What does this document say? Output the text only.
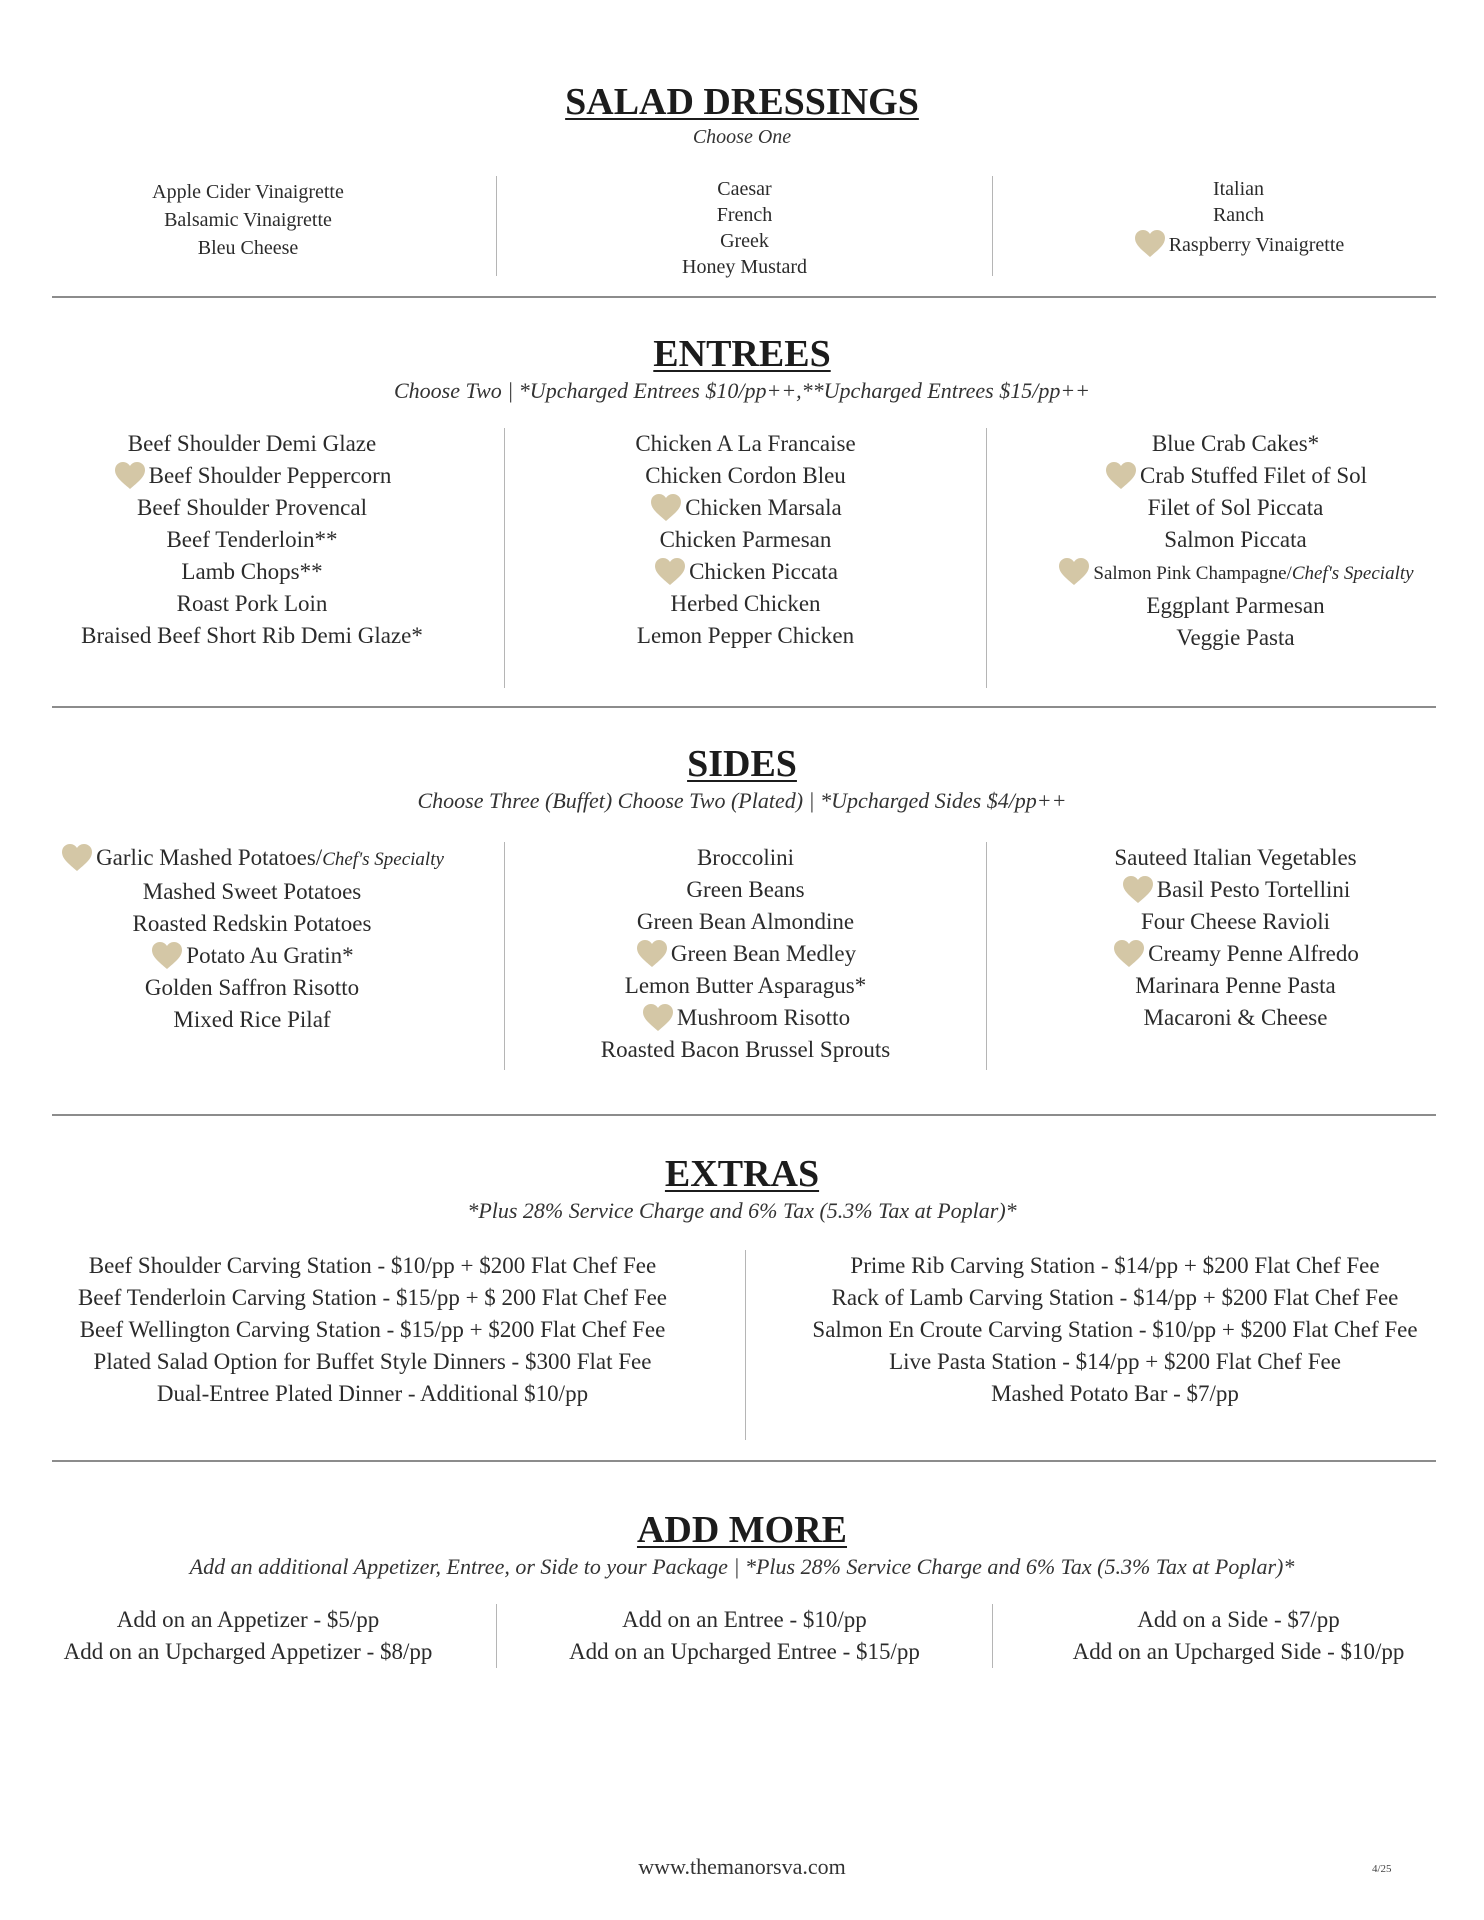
SALAD DRESSINGS

Choose One

Apple Cider Vinaigrette
Balsamic Vinaigrette
Bleu Cheese
Caesar
French
Greek
Honey Mustard
Italian
Ranch
Raspberry Vinaigrette
ENTREES

Choose Two | *Upcharged Entrees $10/pp++,**Upcharged Entrees $15/pp++

Beef Shoulder Demi Glaze
Beef Shoulder Peppercorn
Beef Shoulder Provencal
Beef Tenderloin**
Lamb Chops**
Roast Pork Loin
Braised Beef Short Rib Demi Glaze*
Chicken A La Francaise
Chicken Cordon Bleu
Chicken Marsala
Chicken Parmesan
Chicken Piccata
Herbed Chicken
Lemon Pepper Chicken
Blue Crab Cakes*
Crab Stuffed Filet of Sol
Filet of Sol Piccata
Salmon Piccata
Salmon Pink Champagne/Chef's Specialty
Eggplant Parmesan
Veggie Pasta
SIDES

Choose Three (Buffet) Choose Two (Plated) | *Upcharged Sides $4/pp++

Garlic Mashed Potatoes/Chef's Specialty
Mashed Sweet Potatoes
Roasted Redskin Potatoes
Potato Au Gratin*
Golden Saffron Risotto
Mixed Rice Pilaf
Broccolini
Green Beans
Green Bean Almondine
Green Bean Medley
Lemon Butter Asparagus*
Mushroom Risotto
Roasted Bacon Brussel Sprouts
Sauteed Italian Vegetables
Basil Pesto Tortellini
Four Cheese Ravioli
Creamy Penne Alfredo
Marinara Penne Pasta
Macaroni & Cheese
EXTRAS

*Plus 28% Service Charge and 6% Tax (5.3% Tax at Poplar)*

Beef Shoulder Carving Station - $10/pp + $200 Flat Chef Fee
Beef Tenderloin Carving Station - $15/pp + $ 200 Flat Chef Fee
Beef Wellington Carving Station - $15/pp + $200 Flat Chef Fee
Plated Salad Option for Buffet Style Dinners - $300 Flat Fee
Dual-Entree Plated Dinner - Additional $10/pp
Prime Rib Carving Station - $14/pp + $200 Flat Chef Fee
Rack of Lamb Carving Station - $14/pp + $200 Flat Chef Fee
Salmon En Croute Carving Station - $10/pp + $200 Flat Chef Fee
Live Pasta Station - $14/pp + $200 Flat Chef Fee
Mashed Potato Bar - $7/pp
ADD MORE

Add an additional Appetizer, Entree, or Side to your Package | *Plus 28% Service Charge and 6% Tax (5.3% Tax at Poplar)*

Add on an Appetizer - $5/pp
Add on an Upcharged Appetizer - $8/pp
Add on an Entree - $10/pp
Add on an Upcharged Entree - $15/pp
Add on a Side - $7/pp
Add on an Upcharged Side - $10/pp
www.themanorsva.com	4/25
